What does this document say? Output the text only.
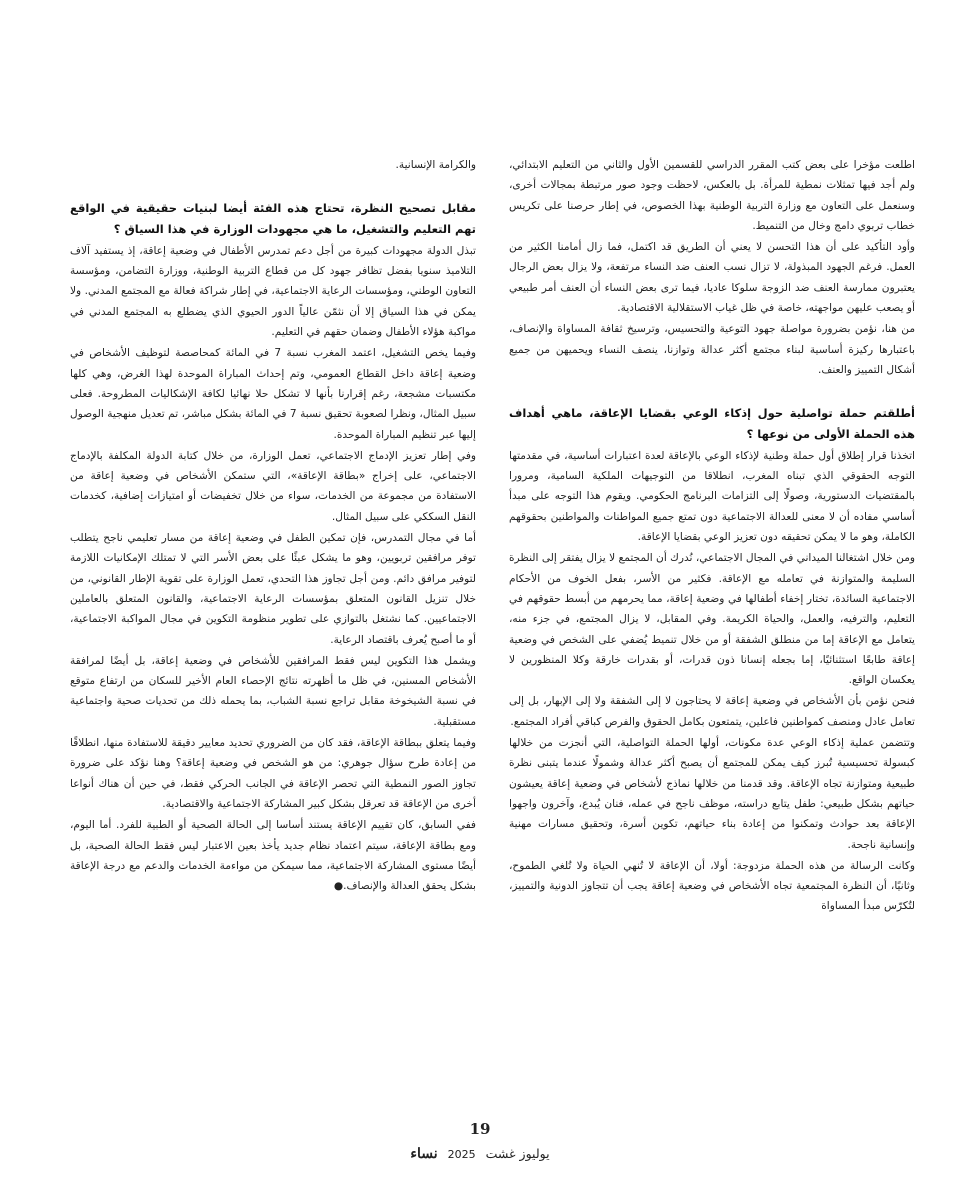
اطلعت مؤخرا على بعض كتب المقرر الدراسي للقسمين الأول والثاني من التعليم الابتدائي، ولم أجد فيها تمثلات نمطية للمرأة. بل بالعكس، لاحظت وجود صور مرتبطة بمجالات أخرى، وسنعمل على التعاون مع وزارة التربية الوطنية بهذا الخصوص، في إطار حرصنا على تكريس خطاب تربوي دامج وخال من التنميط.

وأود التأكيد على أن هذا التحسن لا يعني أن الطريق قد اكتمل، فما زال أمامنا الكثير من العمل. فرغم الجهود المبذولة، لا تزال نسب العنف ضد النساء مرتفعة، ولا يزال بعض الرجال يعتبرون ممارسة العنف ضد الزوجة سلوكا عاديا، فيما ترى بعض النساء أن العنف أمر طبيعي أو يصعب عليهن مواجهته، خاصة في ظل غياب الاستقلالية الاقتصادية.

من هنا، نؤمن بضرورة مواصلة جهود التوعية والتحسيس، وترسيخ ثقافة المساواة والإنصاف، باعتبارها ركيزة أساسية لبناء مجتمع أكثر عدالة وتوازنا، ينصف النساء ويحميهن من جميع أشكال التمييز والعنف.

أطلقتم حملة تواصلية حول إذكاء الوعي بقضايا الإعاقة، ماهي أهداف هذه الحملة الأولى من نوعها ؟

اتخذنا قرار إطلاق أول حملة وطنية لإذكاء الوعي بالإعاقة لعدة اعتبارات أساسية، في مقدمتها التوجه الحقوقي الذي تبناه المغرب، انطلاقا من التوجيهات الملكية السامية، ومرورا بالمقتضيات الدستورية، وصولًا إلى التزامات البرنامج الحكومي. ويقوم هذا التوجه على مبدأ أساسي مفاده أن لا معنى للعدالة الاجتماعية دون تمتع جميع المواطنات والمواطنين بحقوقهم الكاملة، وهو ما لا يمكن تحقيقه دون تعزيز الوعي بقضايا الإعاقة.

ومن خلال اشتغالنا الميداني في المجال الاجتماعي، نُدرك أن المجتمع لا يزال يفتقر إلى النظرة السليمة والمتوازنة في تعامله مع الإعاقة. فكثير من الأسر، بفعل الخوف من الأحكام الاجتماعية السائدة، تختار إخفاء أطفالها في وضعية إعاقة، مما يحرمهم من أبسط حقوقهم في التعليم، والترفيه، والعمل، والحياة الكريمة. وفي المقابل، لا يزال المجتمع، في جزء منه، يتعامل مع الإعاقة إما من منطلق الشفقة أو من خلال تنميط يُضفي على الشخص في وضعية إعاقة طابعًا استثنائيًا، إما بجعله إنسانا ذون قدرات، أو بقدرات خارقة وكلا المنظورين لا يعكسان الواقع.

فنحن نؤمن بأن الأشخاص في وضعية إعاقة لا يحتاجون لا إلى الشفقة ولا إلى الإبهار، بل إلى تعامل عادل ومنصف كمواطنين فاعلين، يتمتعون بكامل الحقوق والفرص كباقي أفراد المجتمع.

وتتضمن عملية إذكاء الوعي عدة مكونات، أولها الحملة التواصلية، التي أنجزت من خلالها كبسولة تحسيسية تُبرز كيف يمكن للمجتمع أن يصبح أكثر عدالة وشمولًا عندما يتبنى نظرة طبيعية ومتوازنة تجاه الإعاقة. وقد قدمنا من خلالها نماذج لأشخاص في وضعية إعاقة يعيشون حياتهم بشكل طبيعي: طفل يتابع دراسته، موظف ناجح في عمله، فنان يُبدع، وآخرون واجهوا الإعاقة بعد حوادث وتمكنوا من إعادة بناء حياتهم، تكوين أسرة، وتحقيق مسارات مهنية وإنسانية ناجحة.

وكانت الرسالة من هذه الحملة مزدوجة: أولا، أن الإعاقة لا تُنهي الحياة ولا تُلغي الطموح، وثانيًا، أن النظرة المجتمعية تجاه الأشخاص في وضعية إعاقة يجب أن تتجاوز الدونية والتمييز، لتُكرّس مبدأ المساواة

والكرامة الإنسانية.

مقابل تصحيح النظرة، تحتاج هذه الفئة أيضا لبنيات حقيقية في الواقع تهم التعليم والتشغيل، ما هي مجهودات الوزارة في هذا السياق ؟

تبذل الدولة مجهودات كبيرة من أجل دعم تمدرس الأطفال في وضعية إعاقة، إذ يستفيد آلاف التلاميذ سنويا بفضل تظافر جهود كل من قطاع التربية الوطنية، ووزارة التضامن، ومؤسسة التعاون الوطني، ومؤسسات الرعاية الاجتماعية، في إطار شراكة فعالة مع المجتمع المدني. ولا يمكن في هذا السياق إلا أن نثمّن عالياً الدور الحيوي الذي يضطلع به المجتمع المدني في مواكبة هؤلاء الأطفال وضمان حقهم في التعليم.

وفيما يخص التشغيل، اعتمد المغرب نسبة 7 في المائة كمحاصصة لتوظيف الأشخاص في وضعية إعاقة داخل القطاع العمومي، وتم إحداث المباراة الموحدة لهذا الغرض، وهي كلها مكتسبات مشجعة، رغم إقرارنا بأنها لا تشكل حلا نهائيا لكافة الإشكاليات المطروحة. فعلى سبيل المثال، ونظرا لصعوبة تحقيق نسبة 7 في المائة بشكل مباشر، تم تعديل منهجية الوصول إليها عبر تنظيم المباراة الموحدة.

وفي إطار تعزيز الإدماج الاجتماعي، تعمل الوزارة، من خلال كتابة الدولة المكلفة بالإدماج الاجتماعي، على إخراج «بطاقة الإعاقة»، التي ستمكن الأشخاص في وضعية إعاقة من الاستفادة من مجموعة من الخدمات، سواء من خلال تخفيضات أو امتيازات إضافية، كخدمات النقل السككي على سبيل المثال.

أما في مجال التمدرس، فإن تمكين الطفل في وضعية إعاقة من مسار تعليمي ناجح يتطلب توفر مرافقين تربويين، وهو ما يشكل عبئًا على بعض الأسر التي لا تمتلك الإمكانيات اللازمة لتوفير مرافق دائم. ومن أجل تجاوز هذا التحدي، تعمل الوزارة على تقوية الإطار القانوني، من خلال تنزيل القانون المتعلق بمؤسسات الرعاية الاجتماعية، والقانون المتعلق بالعاملين الاجتماعيين. كما نشتغل بالتوازي على تطوير منظومة التكوين في مجال المواكبة الاجتماعية، أو ما أصبح يُعرف باقتصاد الرعاية.

ويشمل هذا التكوين ليس فقط المرافقين للأشخاص في وضعية إعاقة، بل أيضًا لمرافقة الأشخاص المسنين، في ظل ما أظهرته نتائج الإحصاء العام الأخير للسكان من ارتفاع متوقع في نسبة الشيخوخة مقابل تراجع نسبة الشباب، بما يحمله ذلك من تحديات صحية واجتماعية مستقبلية.

وفيما يتعلق ببطاقة الإعاقة، فقد كان من الضروري تحديد معايير دقيقة للاستفادة منها، انطلاقًا من إعادة طرح سؤال جوهري: من هو الشخص في وضعية إعاقة؟ وهنا نؤكد على ضرورة تجاوز الصور النمطية التي تحصر الإعاقة في الجانب الحركي فقط، في حين أن هناك أنواعا أخرى من الإعاقة قد تعرقل بشكل كبير المشاركة الاجتماعية والاقتصادية.

ففي السابق، كان تقييم الإعاقة يستند أساسا إلى الحالة الصحية أو الطبية للفرد. أما اليوم، ومع بطاقة الإعاقة، سيتم اعتماد نظام جديد يأخذ بعين الاعتبار ليس فقط الحالة الصحية، بل أيضًا مستوى المشاركة الاجتماعية، مما سيمكن من مواءمة الخدمات والدعم مع درجة الإعاقة بشكل يحقق العدالة والإنصاف.●

19
يوليوز غشت 2025 نساء
